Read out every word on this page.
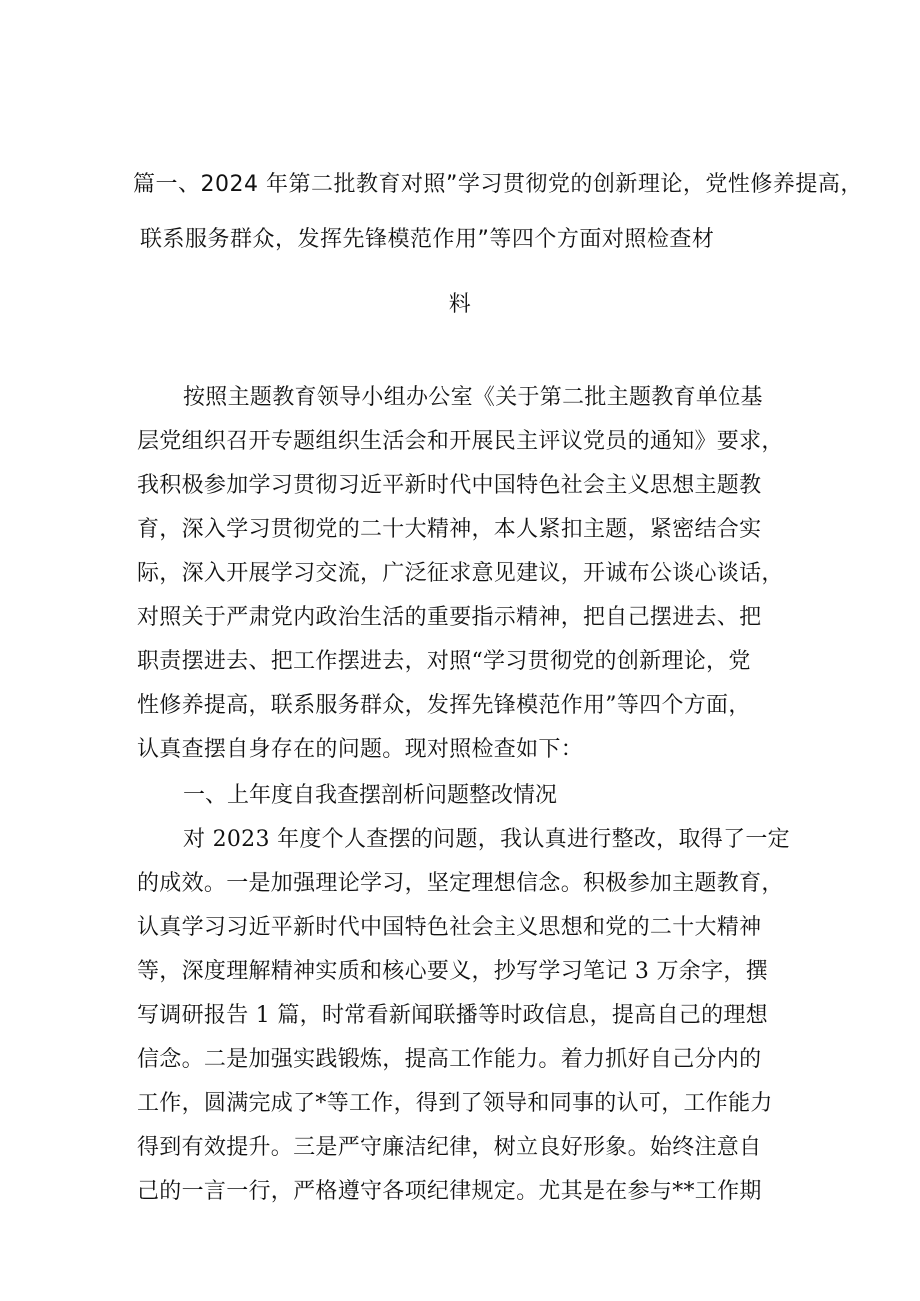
篇一、2024 年第二批教育对照”学习贯彻党的创新理论，党性修养提高，
联系服务群众，发挥先锋模范作用”等四个方面对照检查材
料
按照主题教育领导小组办公室《关于第二批主题教育单位基
层党组织召开专题组织生活会和开展民主评议党员的通知》要求，
我积极参加学习贯彻习近平新时代中国特色社会主义思想主题教
育，深入学习贯彻党的二十大精神，本人紧扣主题，紧密结合实
际，深入开展学习交流，广泛征求意见建议，开诚布公谈心谈话，
对照关于严肃党内政治生活的重要指示精神，把自己摆进去、把
职责摆进去、把工作摆进去，对照“学习贯彻党的创新理论，党
性修养提高，联系服务群众，发挥先锋模范作用”等四个方面，
认真查摆自身存在的问题。现对照检查如下：
一、上年度自我查摆剖析问题整改情况
对 2023 年度个人查摆的问题，我认真进行整改，取得了一定
的成效。一是加强理论学习，坚定理想信念。积极参加主题教育，
认真学习习近平新时代中国特色社会主义思想和党的二十大精神
等，深度理解精神实质和核心要义，抄写学习笔记 3 万余字，撰
写调研报告 1 篇，时常看新闻联播等时政信息，提高自己的理想
信念。二是加强实践锻炼，提高工作能力。着力抓好自己分内的
工作，圆满完成了*等工作，得到了领导和同事的认可，工作能力
得到有效提升。三是严守廉洁纪律，树立良好形象。始终注意自
己的一言一行，严格遵守各项纪律规定。尤其是在参与**工作期
